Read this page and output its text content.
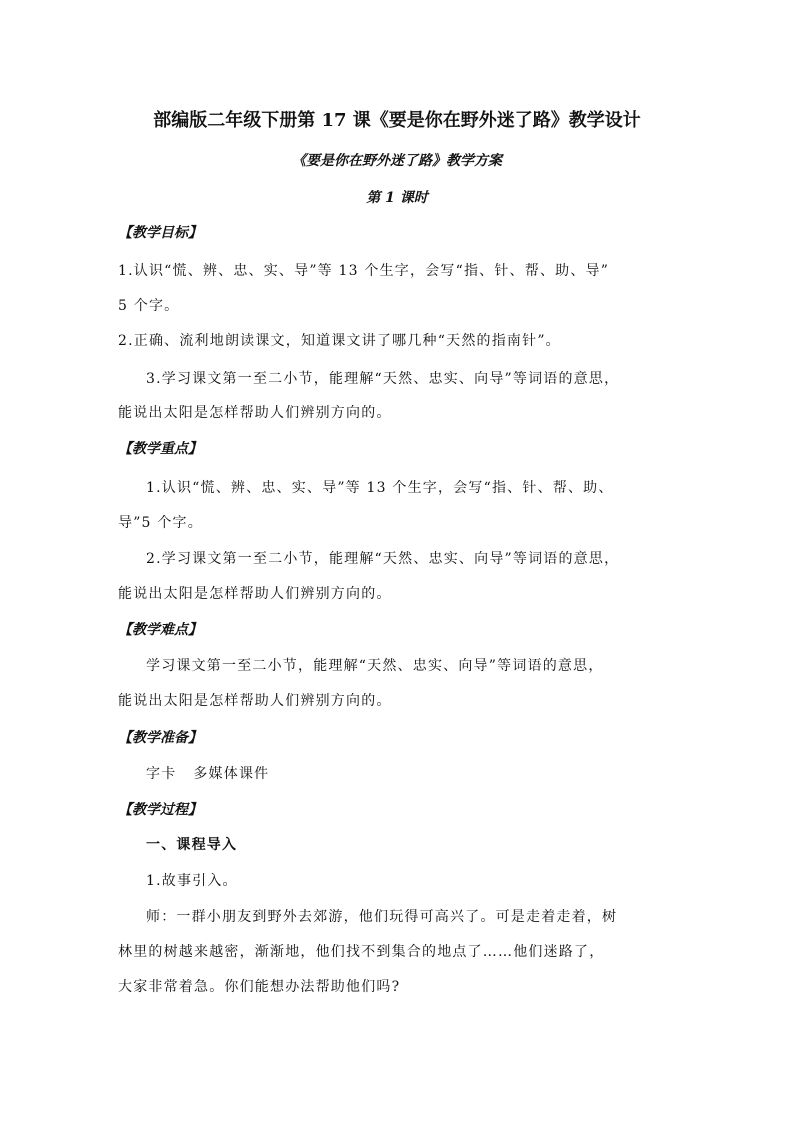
部编版二年级下册第 17 课《要是你在野外迷了路》教学设计

《要是你在野外迷了路》教学方案

第 1 课时

【教学目标】

1.认识“慌、辨、忠、实、导”等 13 个生字，会写“指、针、帮、助、导”

5 个字。

2.正确、流利地朗读课文，知道课文讲了哪几种“天然的指南针”。

3.学习课文第一至二小节，能理解“天然、忠实、向导”等词语的意思，

能说出太阳是怎样帮助人们辨别方向的。

【教学重点】

1.认识“慌、辨、忠、实、导”等 13 个生字，会写“指、针、帮、助、

导”5 个字。

2.学习课文第一至二小节，能理解“天然、忠实、向导”等词语的意思，

能说出太阳是怎样帮助人们辨别方向的。

【教学难点】

学习课文第一至二小节，能理解“天然、忠实、向导”等词语的意思，

能说出太阳是怎样帮助人们辨别方向的。

【教学准备】

字卡   多媒体课件

【教学过程】

一、课程导入

1.故事引入。

师：一群小朋友到野外去郊游，他们玩得可高兴了。可是走着走着，树

林里的树越来越密，渐渐地，他们找不到集合的地点了……他们迷路了，

大家非常着急。你们能想办法帮助他们吗?
